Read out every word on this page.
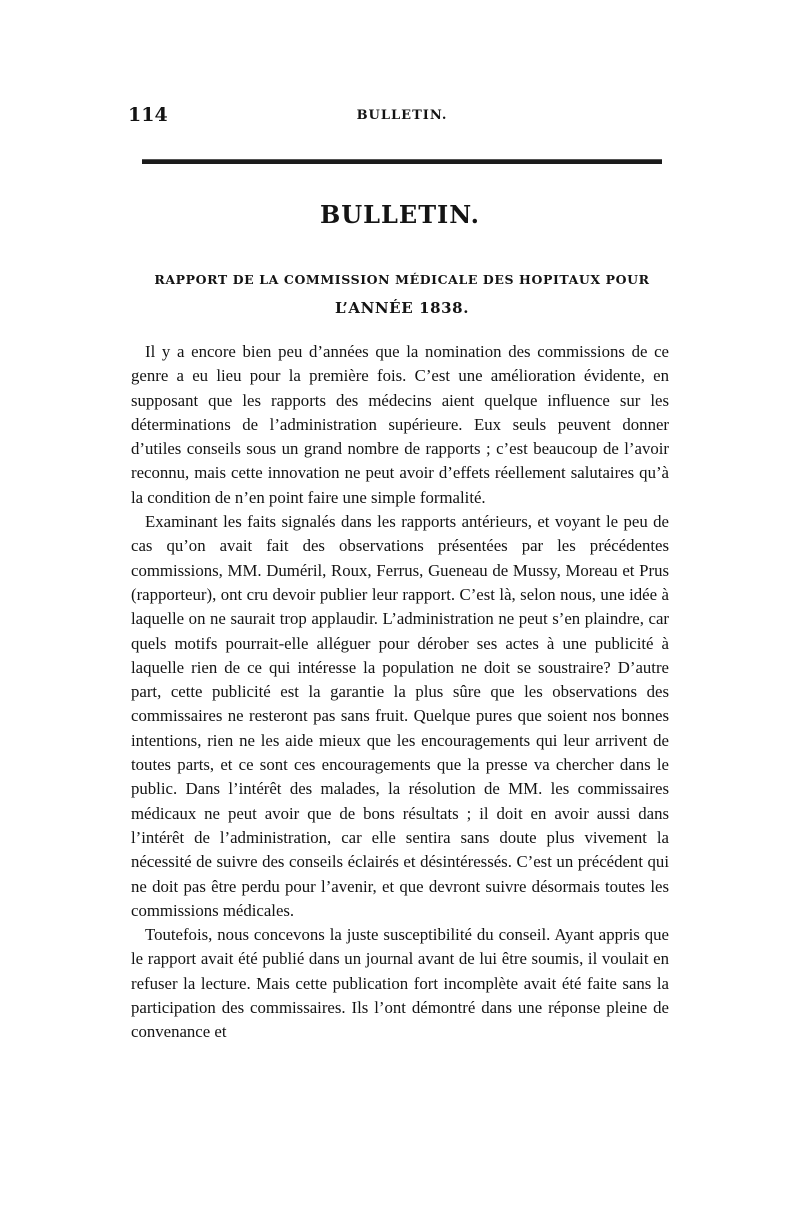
114	BULLETIN.
BULLETIN.
RAPPORT DE LA COMMISSION MÉDICALE DES HOPITAUX POUR
L’ANNÉE 1838.

Il y a encore bien peu d’années que la nomination des commissions de ce genre a eu lieu pour la première fois. C’est une amélioration évidente, en supposant que les rapports des médecins aient quelque influence sur les déterminations de l’administration supérieure. Eux seuls peuvent donner d’utiles conseils sous un grand nombre de rapports ; c’est beaucoup de l’avoir reconnu, mais cette innovation ne peut avoir d’effets réellement salutaires qu’à la condition de n’en point faire une simple formalité.

Examinant les faits signalés dans les rapports antérieurs, et voyant le peu de cas qu’on avait fait des observations présentées par les précédentes commissions, MM. Duméril, Roux, Ferrus, Gueneau de Mussy, Moreau et Prus (rapporteur), ont cru devoir publier leur rapport. C’est là, selon nous, une idée à laquelle on ne saurait trop applaudir. L’administration ne peut s’en plaindre, car quels motifs pourrait-elle alléguer pour dérober ses actes à une publicité à laquelle rien de ce qui intéresse la population ne doit se soustraire? D’autre part, cette publicité est la garantie la plus sûre que les observations des commissaires ne resteront pas sans fruit. Quelque pures que soient nos bonnes intentions, rien ne les aide mieux que les encouragements qui leur arrivent de toutes parts, et ce sont ces encouragements que la presse va chercher dans le public. Dans l’intérêt des malades, la résolution de MM. les commissaires médicaux ne peut avoir que de bons résultats ; il doit en avoir aussi dans l’intérêt de l’administration, car elle sentira sans doute plus vivement la nécessité de suivre des conseils éclairés et désintéressés. C’est un précédent qui ne doit pas être perdu pour l’avenir, et que devront suivre désormais toutes les commissions médicales.

Toutefois, nous concevons la juste susceptibilité du conseil. Ayant appris que le rapport avait été publié dans un journal avant de lui être soumis, il voulait en refuser la lecture. Mais cette publication fort incomplète avait été faite sans la participation des commissaires. Ils l’ont démontré dans une réponse pleine de convenance et
